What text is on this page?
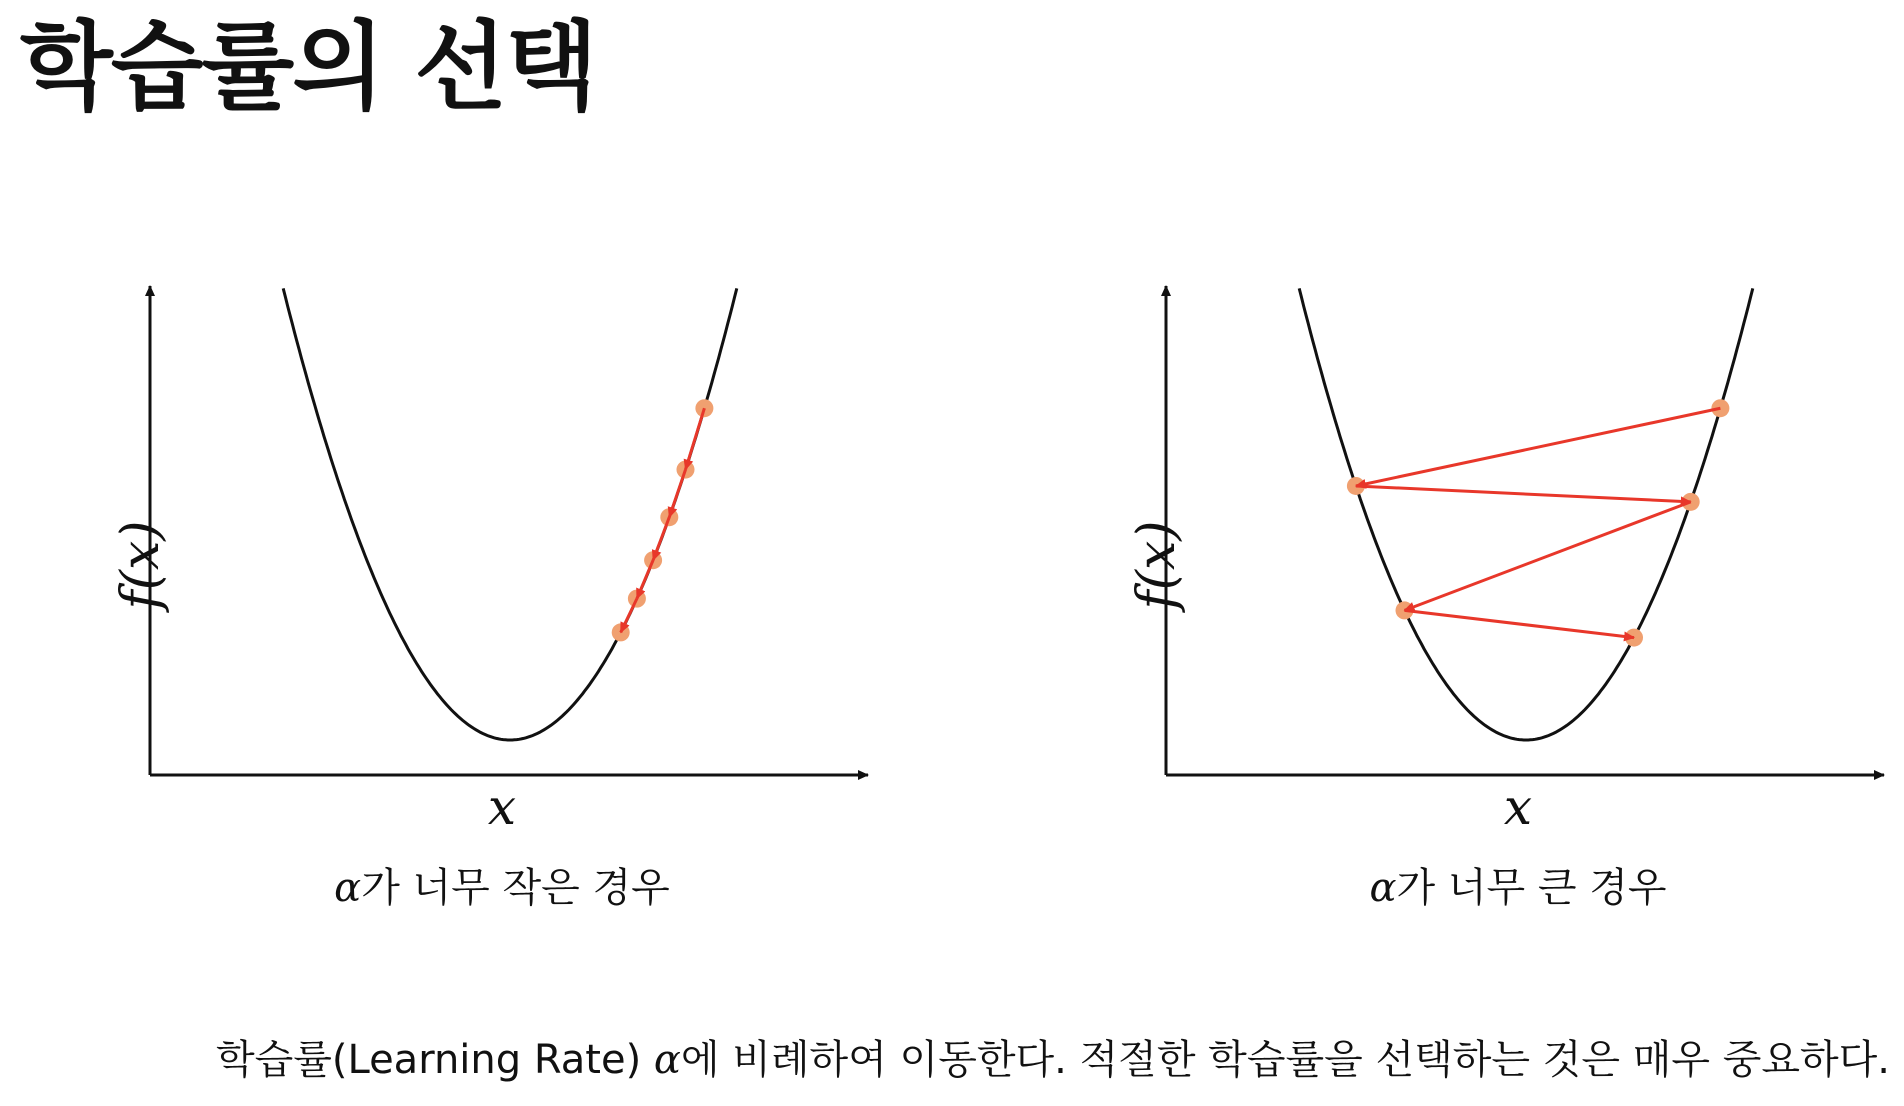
학습률의 선택
f(x)
x
α가 너무 작은 경우
f(x)
x
α가 너무 큰 경우
학습률(Learning Rate) α에 비례하여 이동한다. 적절한 학습률을 선택하는 것은 매우 중요하다.
